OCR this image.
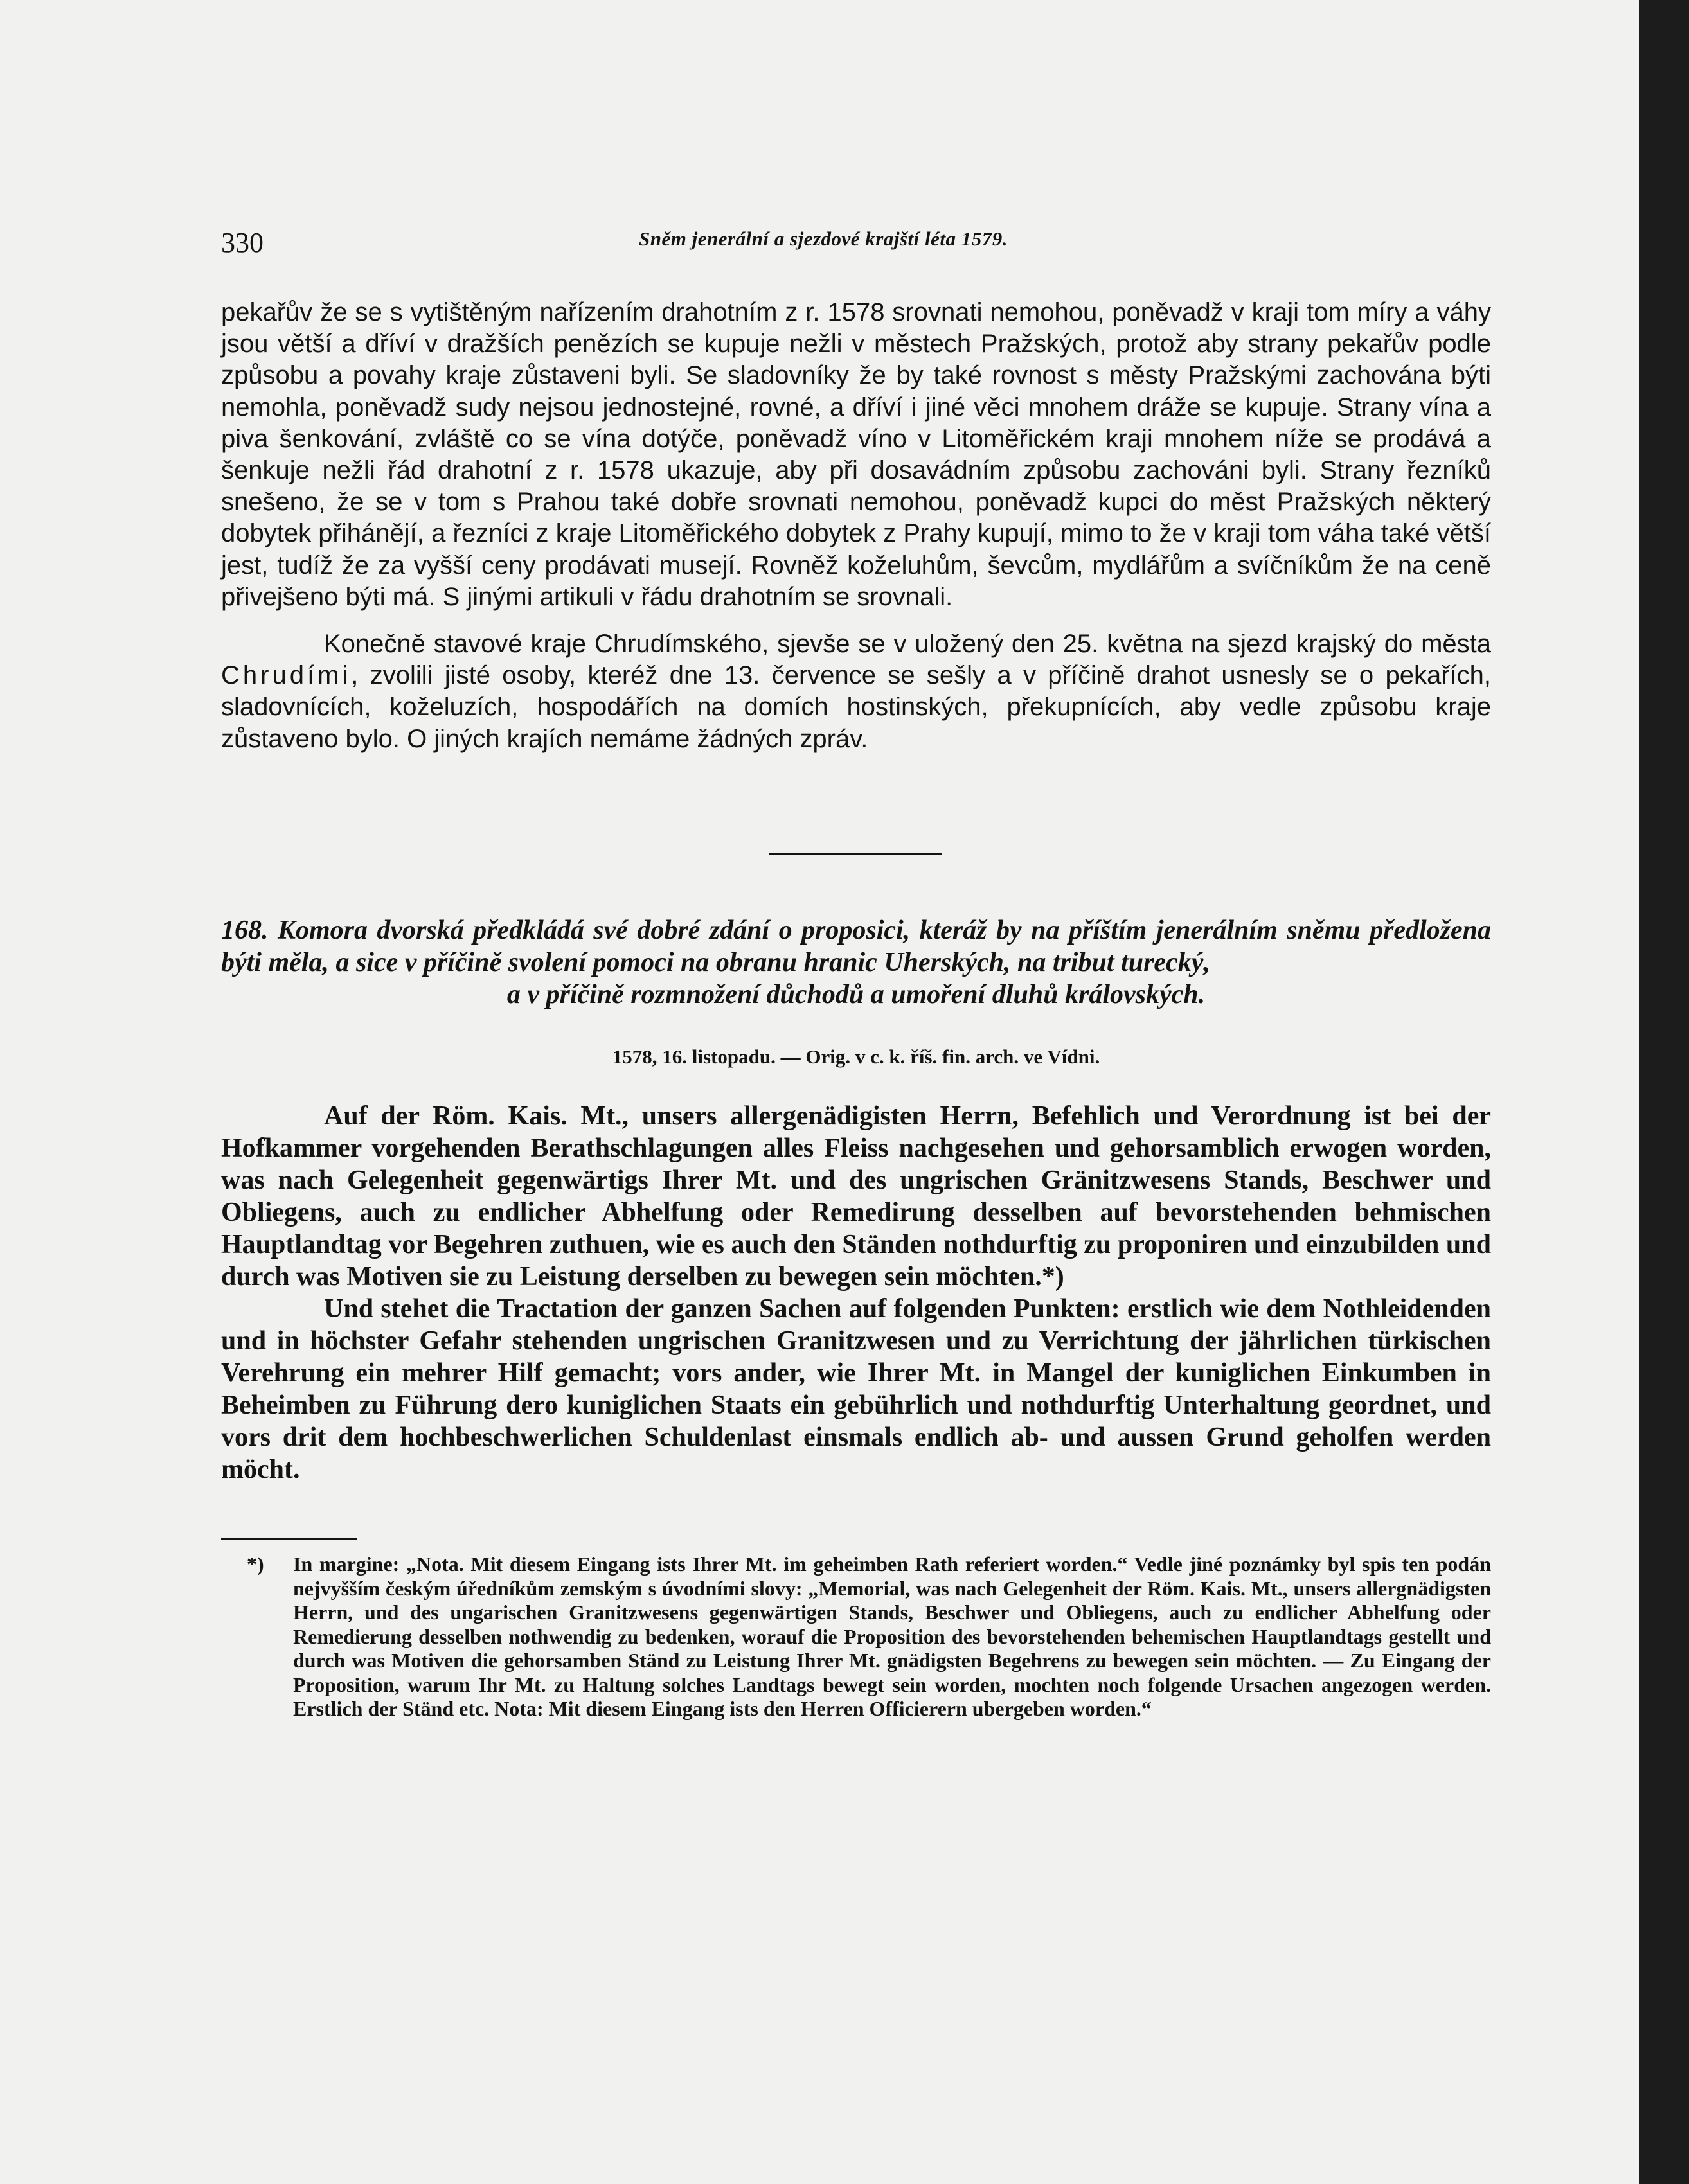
330	Sněm jenerální a sjezdové krajští léta 1579.

pekařův že se s vytištěným nařízením drahotním z r. 1578 srovnati nemohou, poněvadž v kraji tom míry a váhy jsou větší a dříví v dražších penězích se kupuje nežli v městech Pražských, protož aby strany pekařův podle způsobu a povahy kraje zůstaveni byli. Se sladovníky že by také rovnost s městy Pražskými zachována býti nemohla, poněvadž sudy nejsou jednostejné, rovné, a dříví i jiné věci mnohem dráže se kupuje. Strany vína a piva šenkování, zvláště co se vína dotýče, poněvadž víno v Litoměřickém kraji mnohem níže se prodává a šenkuje nežli řád drahotní z r. 1578 ukazuje, aby při dosavádním způsobu zachováni byli. Strany řezníků snešeno, že se v tom s Prahou také dobře srovnati nemohou, poněvadž kupci do měst Pražských některý dobytek přihánějí, a řezníci z kraje Litoměřického dobytek z Prahy kupují, mimo to že v kraji tom váha také větší jest, tudíž že za vyšší ceny prodávati musejí. Rovněž koželuhům, ševcům, mydlářům a svíčníkům že na ceně přivejšeno býti má. S jinými artikuli v řádu drahotním se srovnali.

Konečně stavové kraje Chrudímského, sjevše se v uložený den 25. května na sjezd krajský do města Chrudími, zvolili jisté osoby, kteréž dne 13. července se sešly a v příčině drahot usnesly se o pekařích, sladovnících, koželuzích, hospodářích na domích hostinských, překupnících, aby vedle způsobu kraje zůstaveno bylo. O jiných krajích nemáme žádných zpráv.

168. Komora dvorská předkládá své dobré zdání o proposici, kteráž by na příštím jenerálním sněmu předložena býti měla, a sice v příčině svolení pomoci na obranu hranic Uherských, na tribut turecký,
a v příčině rozmnožení důchodů a umoření dluhů královských.
1578, 16. listopadu. — Orig. v c. k. říš. fin. arch. ve Vídni.

Auf der Röm. Kais. Mt., unsers allergenädigisten Herrn, Befehlich und Verordnung ist bei der Hofkammer vorgehenden Berathschlagungen alles Fleiss nachgesehen und gehorsamblich erwogen worden, was nach Gelegenheit gegenwärtigs Ihrer Mt. und des ungrischen Gränitzwesens Stands, Beschwer und Obliegens, auch zu endlicher Abhelfung oder Remedirung desselben auf bevorstehenden behmischen Hauptlandtag vor Begehren zuthuen, wie es auch den Ständen nothdurftig zu proponiren und einzubilden und durch was Motiven sie zu Leistung derselben zu bewegen sein möchten.*)

Und stehet die Tractation der ganzen Sachen auf folgenden Punkten: erstlich wie dem Nothleidenden und in höchster Gefahr stehenden ungrischen Granitzwesen und zu Verrichtung der jährlichen türkischen Verehrung ein mehrer Hilf gemacht; vors ander, wie Ihrer Mt. in Mangel der kuniglichen Einkumben in Beheimben zu Führung dero kuniglichen Staats ein gebührlich und nothdurftig Unterhaltung geordnet, und vors drit dem hochbeschwerlichen Schuldenlast einsmals endlich ab- und aussen Grund geholfen werden möcht.

*) In margine: „Nota. Mit diesem Eingang ists Ihrer Mt. im geheimben Rath referiert worden.“ Vedle jiné poznámky byl spis ten podán nejvyšším českým úředníkům zemským s úvodními slovy: „Memorial, was nach Gelegenheit der Röm. Kais. Mt., unsers allergnädigsten Herrn, und des ungarischen Granitzwesens gegenwärtigen Stands, Beschwer und Obliegens, auch zu endlicher Abhelfung oder Remedierung desselben nothwendig zu bedenken, worauf die Proposition des bevorstehenden behemischen Hauptlandtags gestellt und durch was Motiven die gehorsamben Ständ zu Leistung Ihrer Mt. gnädigsten Begehrens zu bewegen sein möchten. — Zu Eingang der Proposition, warum Ihr Mt. zu Haltung solches Landtags bewegt sein worden, mochten noch folgende Ursachen angezogen werden. Erstlich der Ständ etc. Nota: Mit diesem Eingang ists den Herren Officierern ubergeben worden.“
